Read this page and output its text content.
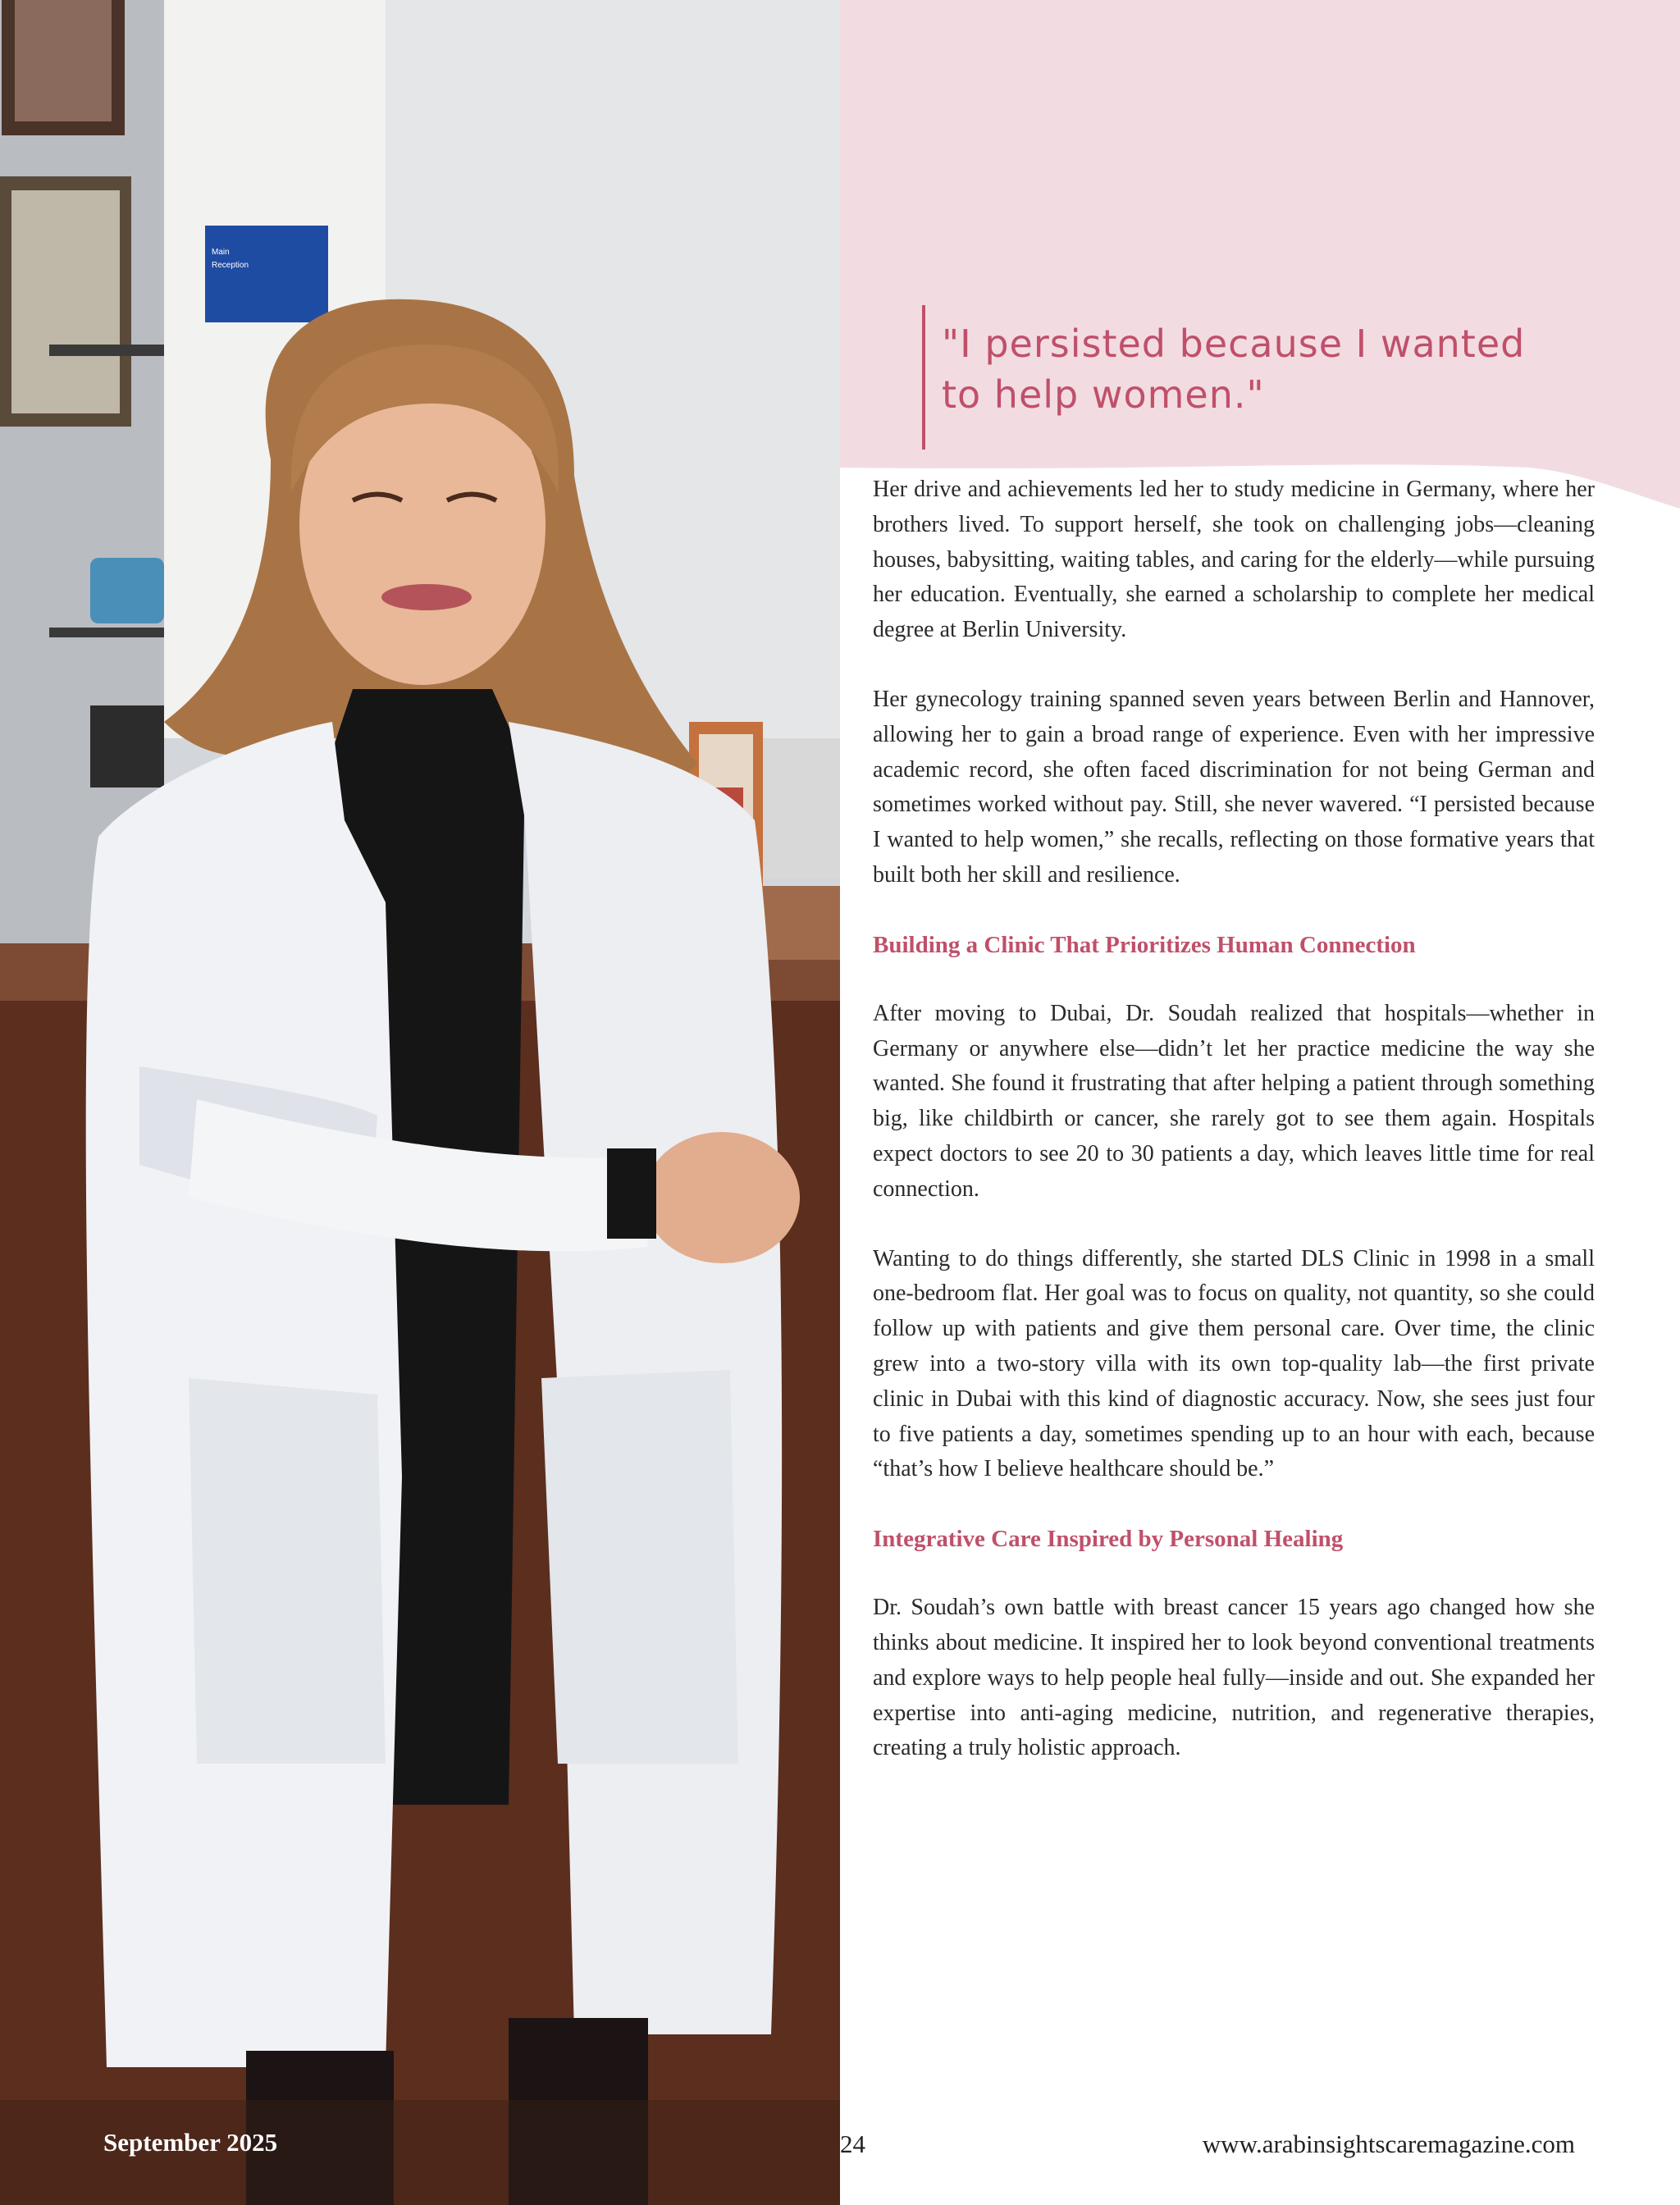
Main
Reception

"I persisted because I wanted to help women."

Her drive and achievements led her to study medicine in Germany, where her brothers lived. To support herself, she took on challenging jobs—cleaning houses, babysitting, waiting tables, and caring for the elderly—while pursuing her education. Eventually, she earned a scholarship to complete her medical degree at Berlin University.

Her gynecology training spanned seven years between Berlin and Hannover, allowing her to gain a broad range of experience. Even with her impressive academic record, she often faced discrimination for not being German and sometimes worked without pay. Still, she never wavered. “I persisted because I wanted to help women,” she recalls, reflecting on those formative years that built both her skill and resilience.

Building a Clinic That Prioritizes Human Connection

After moving to Dubai, Dr. Soudah realized that hospitals—whether in Germany or anywhere else—didn’t let her practice medicine the way she wanted. She found it frustrating that after helping a patient through something big, like childbirth or cancer, she rarely got to see them again. Hospitals expect doctors to see 20 to 30 patients a day, which leaves little time for real connection.

Wanting to do things differently, she started DLS Clinic in 1998 in a small one-bedroom flat. Her goal was to focus on quality, not quantity, so she could follow up with patients and give them personal care. Over time, the clinic grew into a two-story villa with its own top-quality lab—the first private clinic in Dubai with this kind of diagnostic accuracy. Now, she sees just four to five patients a day, sometimes spending up to an hour with each, because “that’s how I believe healthcare should be.”

Integrative Care Inspired by Personal Healing

Dr. Soudah’s own battle with breast cancer 15 years ago changed how she thinks about medicine. It inspired her to look beyond conventional treatments and explore ways to help people heal fully—inside and out. She expanded her expertise into anti-aging medicine, nutrition, and regenerative therapies, creating a truly holistic approach.

September 2025	24	www.arabinsightscaremagazine.com
